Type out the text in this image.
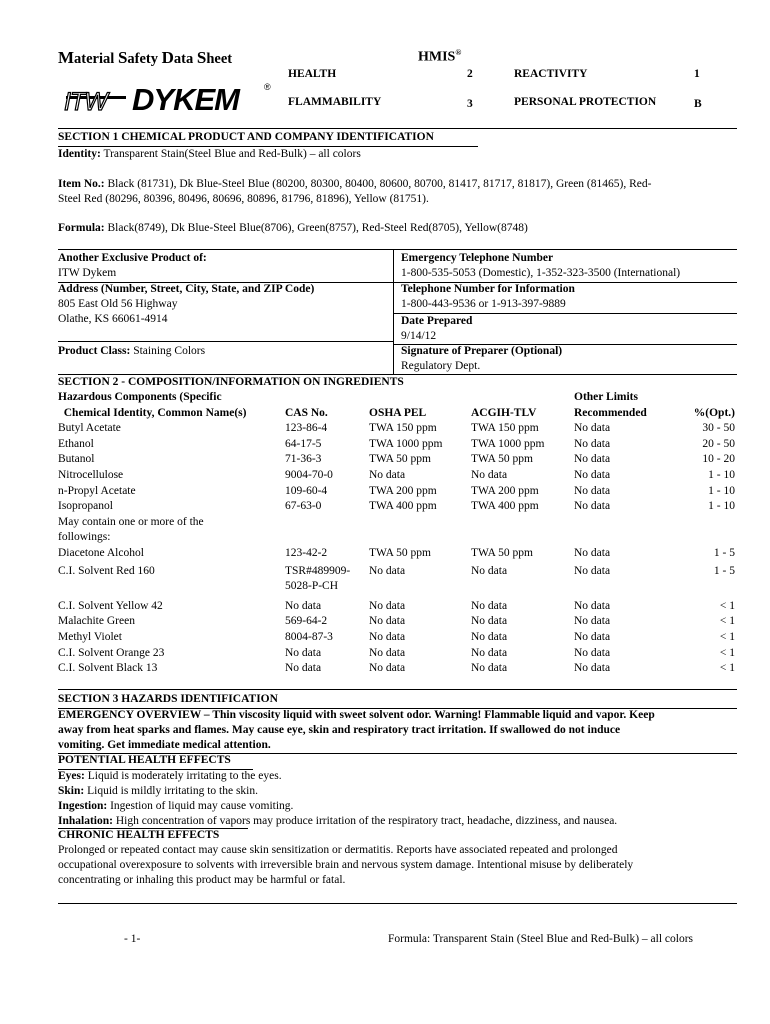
Material Safety Data Sheet	HMIS®
HEALTH	2	REACTIVITY	1
FLAMMABILITY	3	PERSONAL PROTECTION	B
ITW DYKEM	®
SECTION 1 CHEMICAL PRODUCT AND COMPANY IDENTIFICATION
Identity: Transparent Stain(Steel Blue and Red-Bulk) – all colors
Item No.: Black (81731), Dk Blue-Steel Blue (80200, 80300, 80400, 80600, 80700, 81417, 81717, 81817), Green (81465), Red-
Steel Red (80296, 80396, 80496, 80696, 80896, 81796, 81896), Yellow (81751).
Formula: Black(8749), Dk Blue-Steel Blue(8706), Green(8757), Red-Steel Red(8705), Yellow(8748)
Another Exclusive Product of:
ITW Dykem
Address (Number, Street, City, State, and ZIP Code)
805 East Old 56 Highway
Olathe, KS 66061-4914
Product Class: Staining Colors
Emergency Telephone Number
1-800-535-5053 (Domestic), 1-352-323-3500 (International)
Telephone Number for Information
1-800-443-9536 or 1-913-397-9889
Date Prepared
9/14/12
Signature of Preparer (Optional)
Regulatory Dept.
SECTION 2 - COMPOSITION/INFORMATION ON INGREDIENTS
Hazardous Components (Specific
Chemical Identity, Common Name(s)	CAS No.	OSHA PEL	ACGIH-TLV	Other Limits
Recommended	%(Opt.)
Butyl Acetate	123-86-4	TWA 150 ppm	TWA 150 ppm	No data	30 - 50
Ethanol	64-17-5	TWA 1000 ppm	TWA 1000 ppm	No data	20 - 50
Butanol	71-36-3	TWA 50 ppm	TWA 50 ppm	No data	10 - 20
Nitrocellulose	9004-70-0	No data	No data	No data	1 - 10
n-Propyl Acetate	109-60-4	TWA 200 ppm	TWA 200 ppm	No data	1 - 10
Isopropanol	67-63-0	TWA 400 ppm	TWA 400 ppm	No data	1 - 10
May contain one or more of the
followings:					
Diacetone Alcohol	123-42-2	TWA 50 ppm	TWA 50 ppm	No data	1 - 5
C.I. Solvent Red 160	TSR#489909-
5028-P-CH	No data	No data	No data	1 - 5
C.I. Solvent Yellow 42	No data	No data	No data	No data	< 1
Malachite Green	569-64-2	No data	No data	No data	< 1
Methyl Violet	8004-87-3	No data	No data	No data	< 1
C.I. Solvent Orange 23	No data	No data	No data	No data	< 1
C.I. Solvent Black 13	No data	No data	No data	No data	< 1
SECTION 3 HAZARDS IDENTIFICATION
EMERGENCY OVERVIEW – Thin viscosity liquid with sweet solvent odor. Warning! Flammable liquid and vapor. Keep
away from heat sparks and flames. May cause eye, skin and respiratory tract irritation. If swallowed do not induce
vomiting. Get immediate medical attention.
POTENTIAL HEALTH EFFECTS
Eyes: Liquid is moderately irritating to the eyes.
Skin: Liquid is mildly irritating to the skin.
Ingestion: Ingestion of liquid may cause vomiting.
Inhalation: High concentration of vapors may produce irritation of the respiratory tract, headache, dizziness, and nausea.
CHRONIC HEALTH EFFECTS
Prolonged or repeated contact may cause skin sensitization or dermatitis. Reports have associated repeated and prolonged
occupational overexposure to solvents with irreversible brain and nervous system damage. Intentional misuse by deliberately
concentrating or inhaling this product may be harmful or fatal.
- 1-	Formula: Transparent Stain (Steel Blue and Red-Bulk) – all colors
